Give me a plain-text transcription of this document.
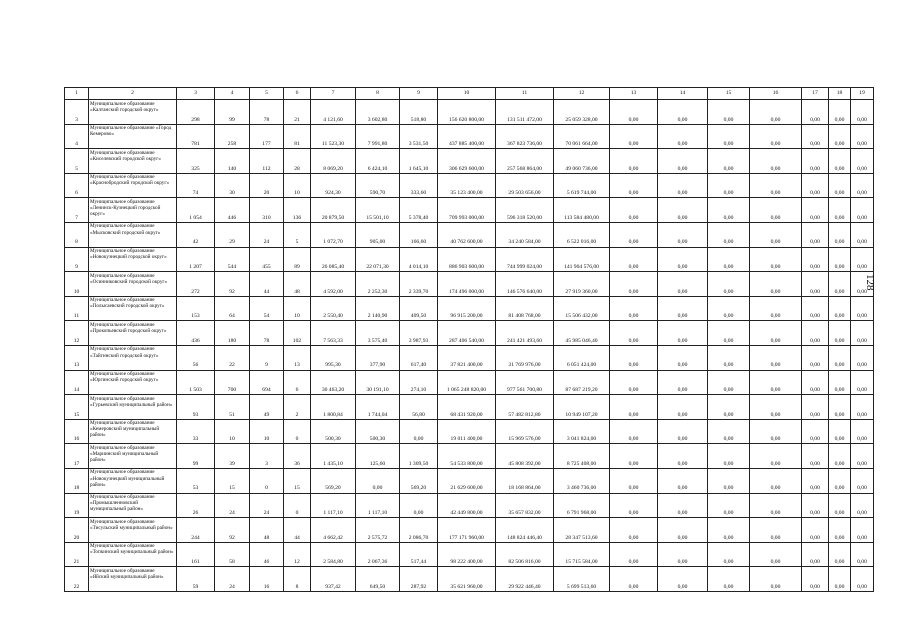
1	2	3	4	5	6	7	8	9	10	11	12	13	14	15	16	17	18	19
3	Муниципальное образование «Калтанский городской округ»	298	99	78	21	4 121,60	3 602,80	518,80	156 620 800,00	131 511 472,00	25 059 328,00	0,00	0,00	0,00	0,00	0,00	0,00	0,00
4	Муниципальное образование «Город Кемерово»	781	258	177	81	11 523,30	7 991,80	3 531,50	437 885 400,00	367 823 736,00	70 061 664,00	0,00	0,00	0,00	0,00	0,00	0,00	0,00
5	Муниципальное образование «Киселевский городской округ»	325	140	112	28	8 069,20	6 424,10	1 645,10	306 629 600,00	257 568 864,00	49 060 736,00	0,00	0,00	0,00	0,00	0,00	0,00	0,00
6	Муниципальное образование «Краснобродский городской округ»	74	30	20	10	924,30	590,70	333,60	35 123 400,00	29 503 656,00	5 619 744,00	0,00	0,00	0,00	0,00	0,00	0,00	0,00
7	Муниципальное образование «Ленинск-Кузнецкий городской округ»	1 054	446	310	136	20 879,50	15 501,10	5 378,40	709 993 000,00	596 318 520,00	113 584 480,00	0,00	0,00	0,00	0,00	0,00	0,00	0,00
8	Муниципальное образование «Мысковский городской округ»	42	29	24	5	1 072,70	905,00	166,60	40 762 600,00	34 240 584,00	6 522 016,00	0,00	0,00	0,00	0,00	0,00	0,00	0,00
9	Муниципальное образование «Новокузнецкий городской округ»	1 207	544	455	89	26 085,40	22 071,30	4 014,10	886 903 600,00	744 999 024,00	141 904 576,00	0,00	0,00	0,00	0,00	0,00	0,00	0,00
10	Муниципальное образование «Осинниковский городской округ»	272	92	44	48	4 592,00	2 252,30	2 339,70	174 496 000,00	146 576 640,00	27 919 360,00	0,00	0,00	0,00	0,00	0,00	0,00	0,00
11	Муниципальное образование «Полысаевский городской округ»	153	64	54	10	2 550,40	2 140,90	409,50	96 915 200,00	81 408 768,00	15 506 432,00	0,00	0,00	0,00	0,00	0,00	0,00	0,00
12	Муниципальное образование «Прокопьевский городской округ»	436	180	78	102	7 563,33	3 575,40	3 987,93	287 406 540,00	241 421 493,60	45 985 046,40	0,00	0,00	0,00	0,00	0,00	0,00	0,00
13	Муниципальное образование «Тайгинский городской округ»	56	22	9	13	995,30	377,90	617,40	37 821 400,00	31 769 976,00	6 051 424,00	0,00	0,00	0,00	0,00	0,00	0,00	0,00
14	Муниципальное образование «Юргинский городской округ»	1 503	700	694	6	30 463,20	30 191,10	274,10	1 065 248 820,00	977 561 700,80	87 687 219,20	0,00	0,00	0,00	0,00	0,00	0,00	0,00
15	Муниципальное образование «Гурьевский муниципальный район»	93	51	49	2	1 800,84	1 744,04	56,80	68 431 920,00	57 482 812,80	10 949 107,20	0,00	0,00	0,00	0,00	0,00	0,00	0,00
16	Муниципальное образование «Кемеровский муниципальный район»	33	10	10	0	500,30	500,30	0,00	19 011 400,00	15 969 576,00	3 041 824,00	0,00	0,00	0,00	0,00	0,00	0,00	0,00
17	Муниципальное образование «Мариинский муниципальный район»	99	39	3	36	1 435,10	125,60	1 309,50	54 533 800,00	45 808 392,00	8 725 408,00	0,00	0,00	0,00	0,00	0,00	0,00	0,00
18	Муниципальное образование «Новокузнецкий муниципальный район»	53	15	0	15	569,20	0,00	569,20	21 629 600,00	18 168 864,00	3 460 736,00	0,00	0,00	0,00	0,00	0,00	0,00	0,00
19	Муниципальное образование «Промышленновский муниципальный район»	26	24	24	0	1 117,10	1 117,10	0,00	42 449 800,00	35 657 832,00	6 791 968,00	0,00	0,00	0,00	0,00	0,00	0,00	0,00
20	Муниципальное образование «Тисульский муниципальный район»	244	92	48	44	4 662,42	2 575,72	2 086,70	177 171 960,00	148 824 446,40	28 347 513,60	0,00	0,00	0,00	0,00	0,00	0,00	0,00
21	Муниципальное образование «Топкинский муниципальный район»	161	58	46	12	2 584,80	2 067,36	517,44	98 222 400,00	82 506 816,00	15 715 584,00	0,00	0,00	0,00	0,00	0,00	0,00	0,00
22	Муниципальное образование «Яйский муниципальный район»	59	24	16	8	937,42	649,50	287,92	35 621 960,00	29 922 446,40	5 699 513,60	0,00	0,00	0,00	0,00	0,00	0,00	0,00
128
